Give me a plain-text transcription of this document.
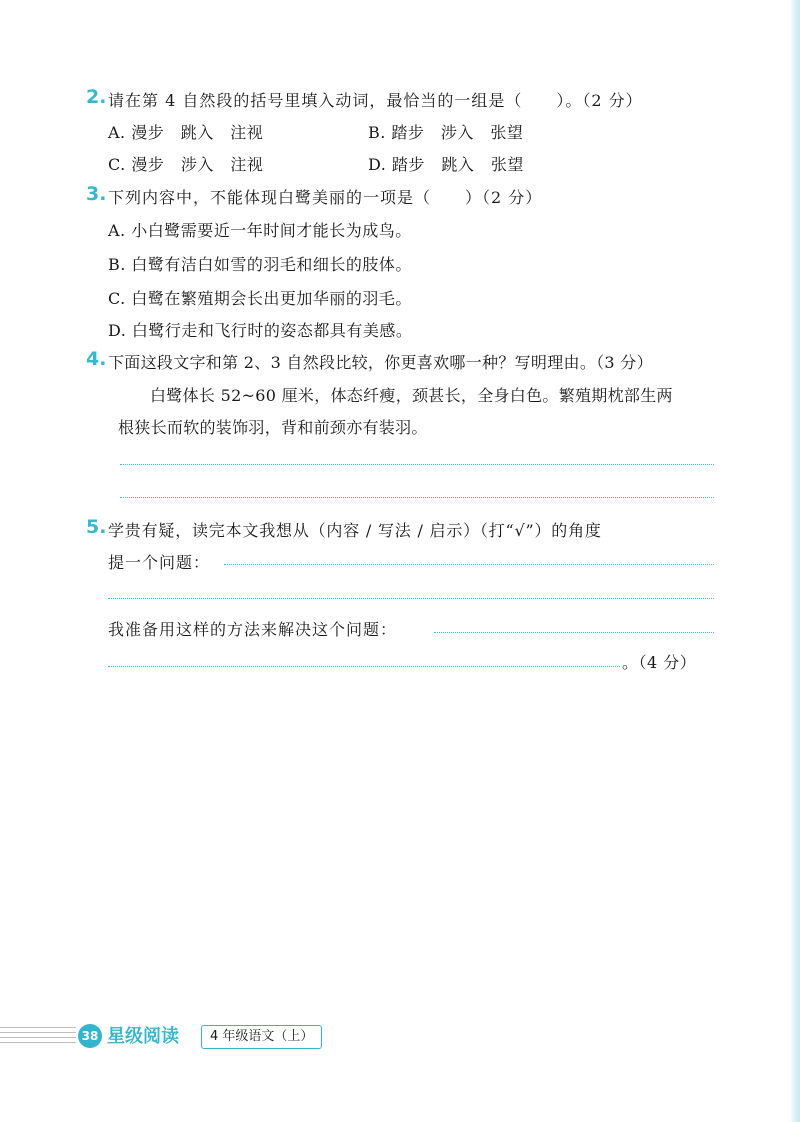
2. 请在第 4 自然段的括号里填入动词，最恰当的一组是（　　）。（2 分）
A. 漫步　跳入　注视	B. 踏步　涉入　张望
C. 漫步　涉入　注视	D. 踏步　跳入　张望
3. 下列内容中，不能体现白鹭美丽的一项是（　　）（2 分）
A. 小白鹭需要近一年时间才能长为成鸟。
B. 白鹭有洁白如雪的羽毛和细长的肢体。
C. 白鹭在繁殖期会长出更加华丽的羽毛。
D. 白鹭行走和飞行时的姿态都具有美感。
4. 下面这段文字和第 2、3 自然段比较，你更喜欢哪一种？写明理由。（3 分）
白鹭体长 52~60 厘米，体态纤瘦，颈甚长，全身白色。繁殖期枕部生两
根狭长而软的装饰羽，背和前颈亦有装羽。
5. 学贵有疑，读完本文我想从（内容 / 写法 / 启示）（打“√”）的角度
提一个问题：
我准备用这样的方法来解决这个问题：
。（4 分）
38 星级阅读	4 年级语文（上）
